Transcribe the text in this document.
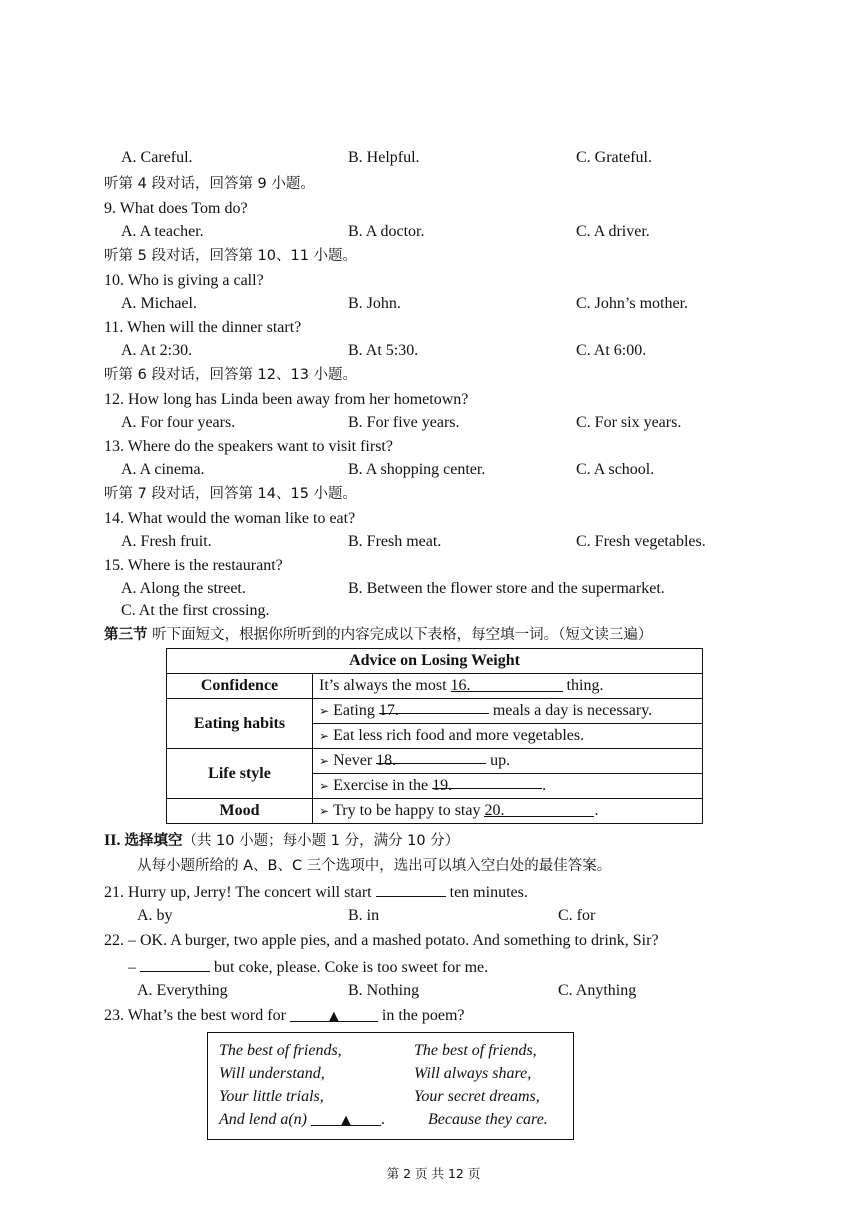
A. Careful.	B. Helpful.	C. Grateful.
听第 4 段对话，回答第 9 小题。
9. What does Tom do?
A. A teacher.	B. A doctor.	C. A driver.
听第 5 段对话，回答第 10、11 小题。
10. Who is giving a call?
A. Michael.	B. John.	C. John’s mother.
11. When will the dinner start?
A. At 2:30.	B. At 5:30.	C. At 6:00.
听第 6 段对话，回答第 12、13 小题。
12. How long has Linda been away from her hometown?
A. For four years.	B. For five years.	C. For six years.
13. Where do the speakers want to visit first?
A. A cinema.	B. A shopping center.	C. A school.
听第 7 段对话，回答第 14、15 小题。
14. What would the woman like to eat?
A. Fresh fruit.	B. Fresh meat.	C. Fresh vegetables.
15. Where is the restaurant?
A. Along the street.	B. Between the flower store and the supermarket.
C. At the first crossing.
第三节 听下面短文，根据你所听到的内容完成以下表格，每空填一词。（短文读三遍）
Advice on Losing Weight	
Confidence	It’s always the most 16. thing.
Eating habits	➢ Eating 17. meals a day is necessary.
➢ Eat less rich food and more vegetables.

Life style	➢ Never 18. up.
➢ Exercise in the 19. .

Mood	➢ Try to be happy to stay 20. .
II. 选择填空（共 10 小题；每小题 1 分，满分 10 分）
从每小题所给的 A、B、C 三个选项中，选出可以填入空白处的最佳答案。
21. Hurry up, Jerry! The concert will start	ten minutes.
A. by	B. in	C. for
22. – OK. A burger, two apple pies, and a mashed potato. And something to drink, Sir?
–	but coke, please. Coke is too sweet for me.
A. Everything	B. Nothing	C. Anything
23. What’s the best word for	▲ in the poem?
The best of friends,
Will understand,
Your little trials,
And lend a(n) ▲ .
The best of friends,
Will always share,
Your secret dreams,
Because they care.
第 2 页 共 12 页
